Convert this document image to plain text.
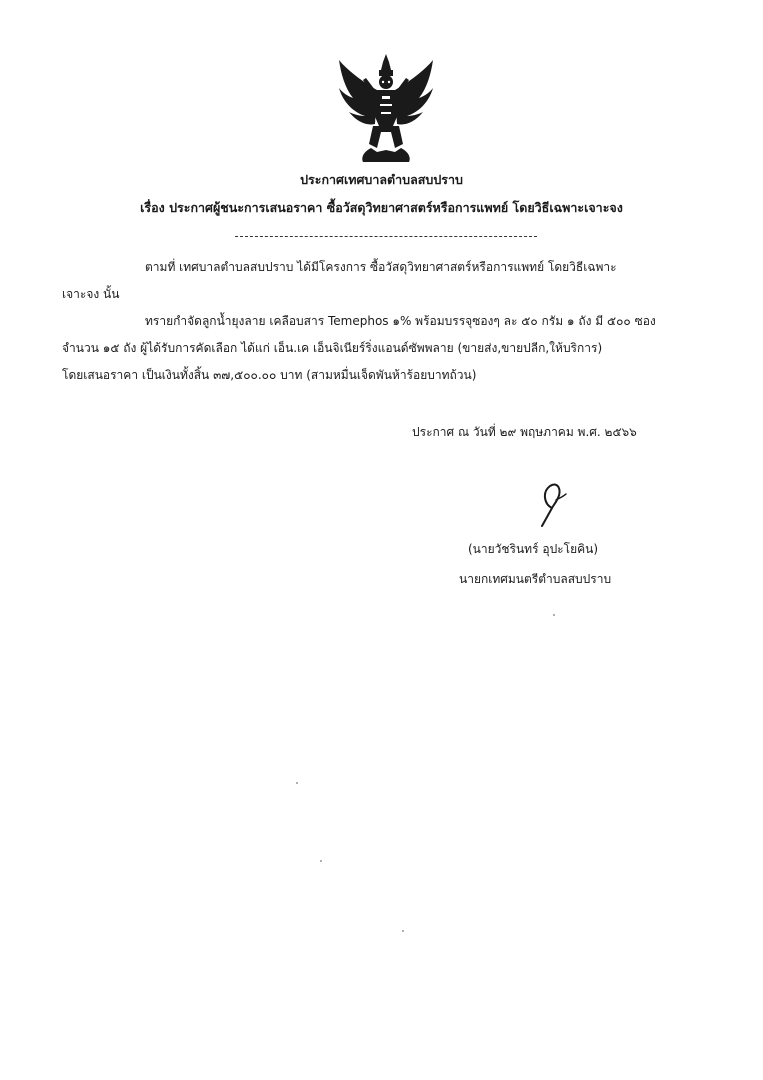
ประกาศเทศบาลตำบลสบปราบ
เรื่อง ประกาศผู้ชนะการเสนอราคา ซื้อวัสดุวิทยาศาสตร์หรือการแพทย์ โดยวิธีเฉพาะเจาะจง
ตามที่ เทศบาลตำบลสบปราบ ได้มีโครงการ ซื้อวัสดุวิทยาศาสตร์หรือการแพทย์ โดยวิธีเฉพาะ
เจาะจง นั้น
ทรายกำจัดลูกน้ำยุงลาย เคลือบสาร Temephos ๑% พร้อมบรรจุซองๆ ละ ๕๐ กรัม ๑ ถัง มี ๕๐๐ ซอง
จำนวน ๑๕ ถัง ผู้ได้รับการคัดเลือก ได้แก่ เอ็น.เค เอ็นจิเนียร์ริ่งแอนด์ซัพพลาย (ขายส่ง,ขายปลีก,ให้บริการ)
โดยเสนอราคา เป็นเงินทั้งสิ้น ๓๗,๕๐๐.๐๐ บาท (สามหมื่นเจ็ดพันห้าร้อยบาทถ้วน)
ประกาศ ณ วันที่ ๒๙ พฤษภาคม พ.ศ. ๒๕๖๖
(นายวัชรินทร์ อุปะโยคิน)
นายกเทศมนตรีตำบลสบปราบ
